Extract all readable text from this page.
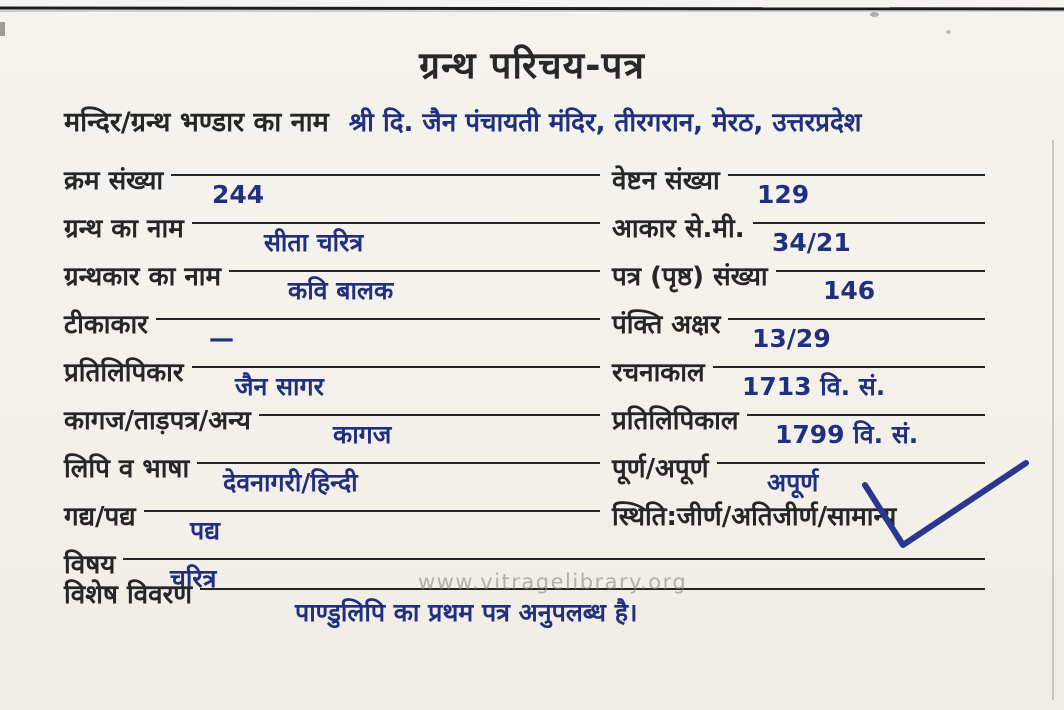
ग्रन्थ परिचय-पत्र
मन्दिर/ग्रन्थ भण्डार का नाम श्री दि. जैन पंचायती मंदिर, तीरगरान, मेरठ, उत्तरप्रदेश
क्रम संख्या 244	वेष्टन संख्या 129
ग्रन्थ का नाम	सीता चरित्र	आकार से.मी. 34/21
ग्रन्थकार का नाम	कवि बालक	पत्र (पृष्ठ) संख्या 146
टीकाकार —	पंक्ति अक्षर 13/29
प्रतिलिपिकार जैन सागर	रचनाकाल 1713 वि. सं.
कागज/ताड़पत्र/अन्य	कागज	प्रतिलिपिकाल 1799 वि. सं.
लिपि व भाषा देवनागरी/हिन्दी	पूर्ण/अपूर्ण अपूर्ण
गद्य/पद्य पद्य	स्थिति:जीर्ण/अतिजीर्ण/सामान्य
विषय चरित्र
विशेष विवरण
पाण्डुलिपि का प्रथम पत्र अनुपलब्ध है।
www.vitragelibrary.org
